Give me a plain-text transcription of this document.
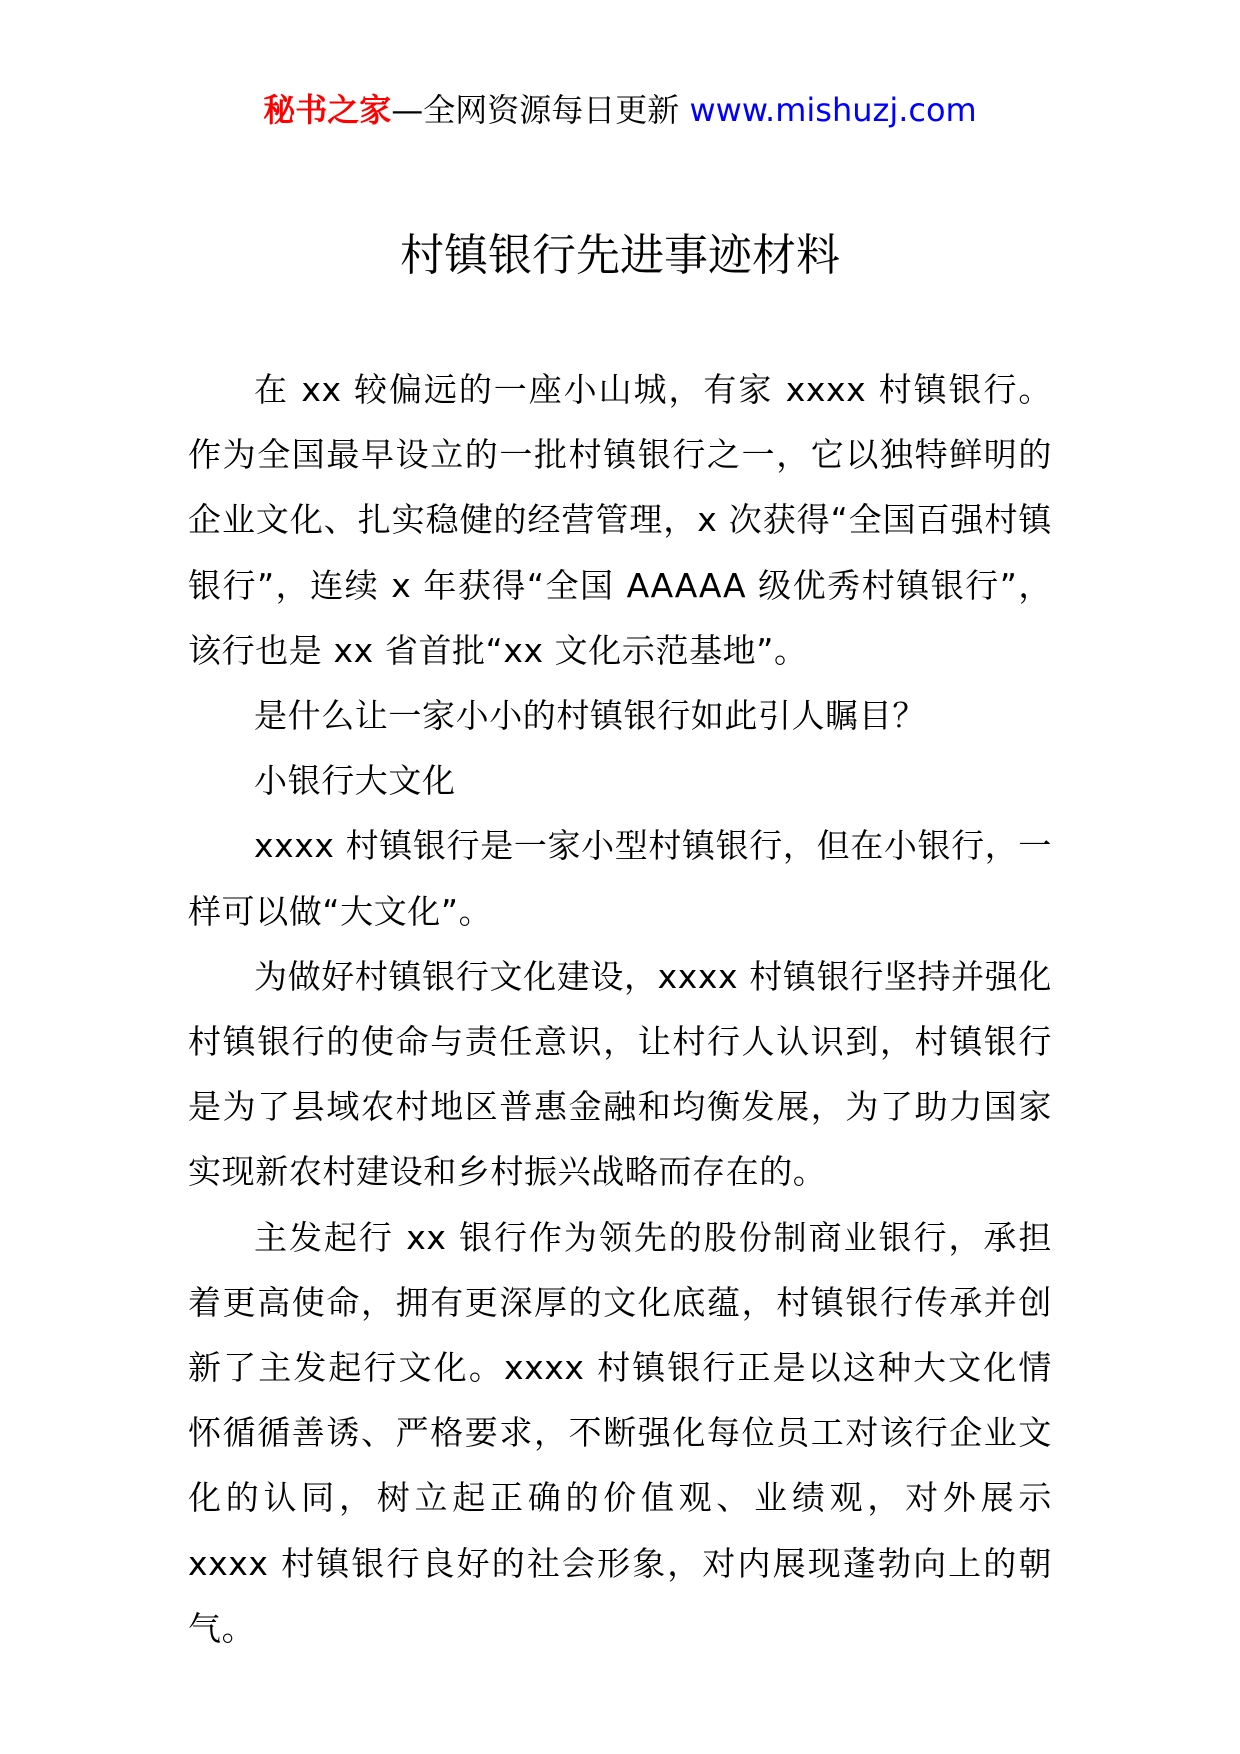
秘书之家—全网资源每日更新 www.mishuzj.com
村镇银行先进事迹材料

在 xx 较偏远的一座小山城，有家 xxxx 村镇银行。作为全国最早设立的一批村镇银行之一，它以独特鲜明的企业文化、扎实稳健的经营管理，x 次获得“全国百强村镇银行”，连续 x 年获得“全国 AAAAA 级优秀村镇银行”，该行也是 xx 省首批“xx 文化示范基地”。

是什么让一家小小的村镇银行如此引人瞩目？

小银行大文化

xxxx 村镇银行是一家小型村镇银行，但在小银行，一样可以做“大文化”。

为做好村镇银行文化建设，xxxx 村镇银行坚持并强化村镇银行的使命与责任意识，让村行人认识到，村镇银行是为了县域农村地区普惠金融和均衡发展，为了助力国家实现新农村建设和乡村振兴战略而存在的。

主发起行 xx 银行作为领先的股份制商业银行，承担着更高使命，拥有更深厚的文化底蕴，村镇银行传承并创新了主发起行文化。xxxx 村镇银行正是以这种大文化情怀循循善诱、严格要求，不断强化每位员工对该行企业文化的认同，树立起正确的价值观、业绩观，对外展示 xxxx 村镇银行良好的社会形象，对内展现蓬勃向上的朝气。
